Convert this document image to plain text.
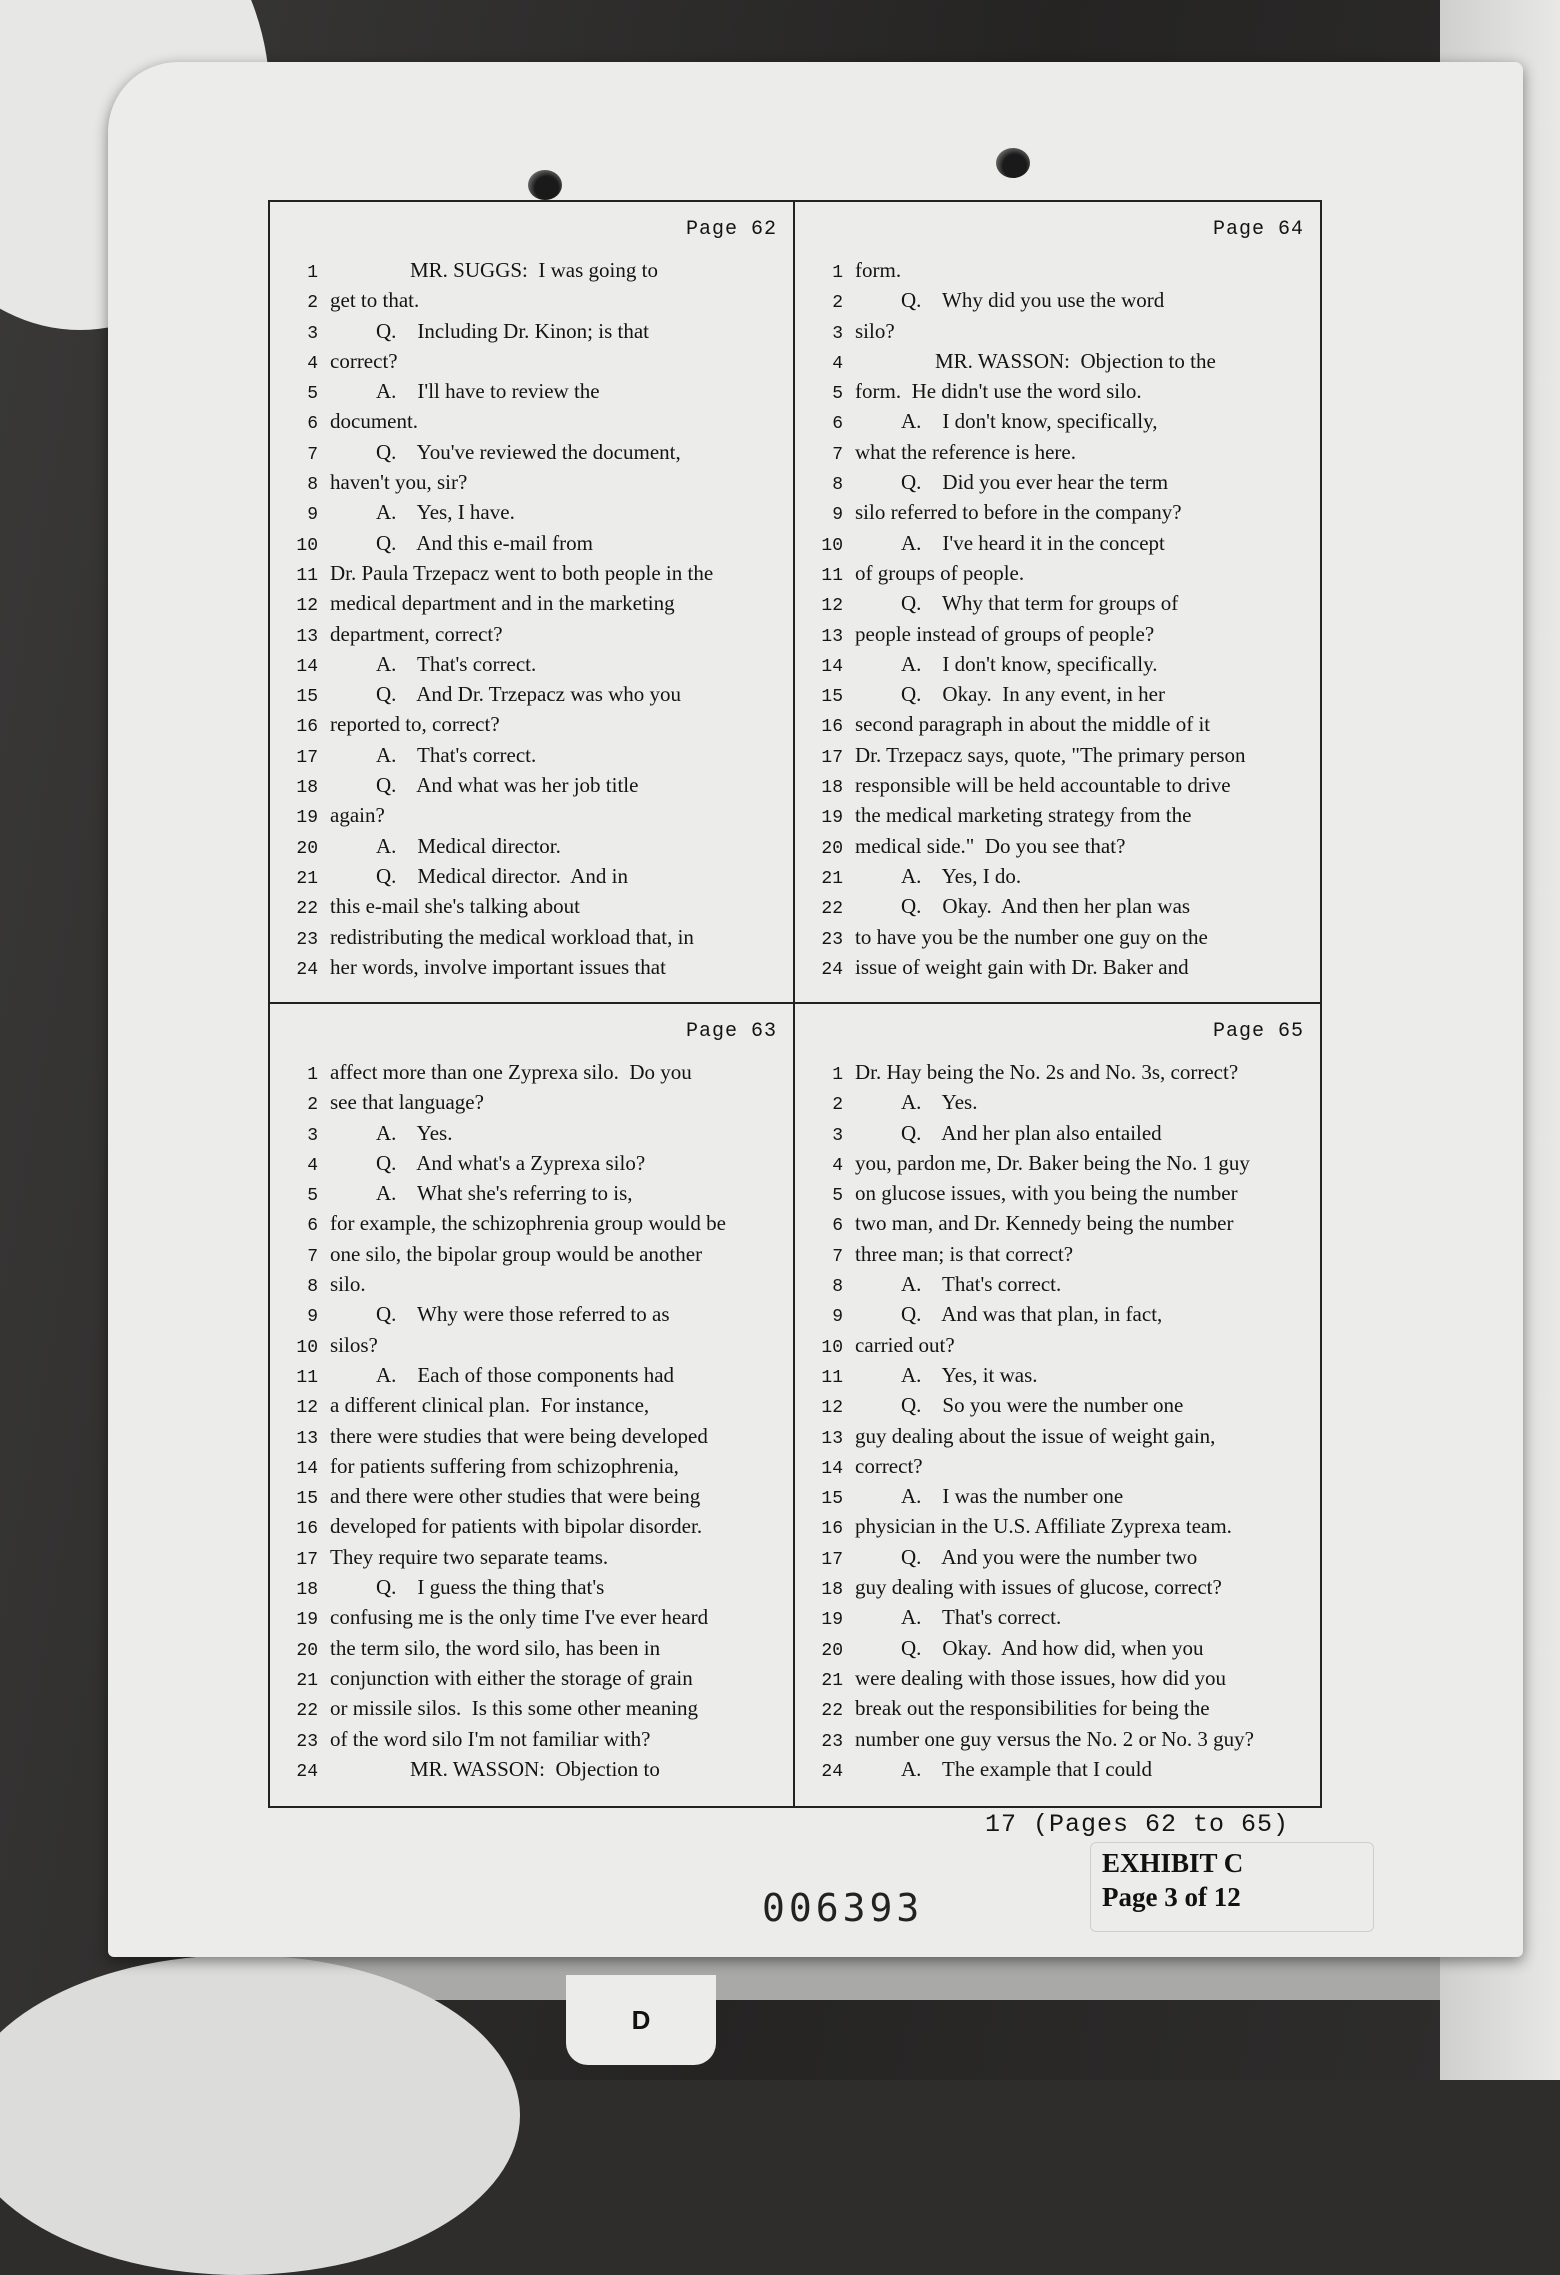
D
Page 62
1	MR. SUGGS:  I was going to
2 get to that.
3	Q.    Including Dr. Kinon; is that
4 correct?
5	A.    I'll have to review the
6 document.
7	Q.    You've reviewed the document,
8 haven't you, sir?
9	A.    Yes, I have.
10	Q.    And this e-mail from
11 Dr. Paula Trzepacz went to both people in the
12 medical department and in the marketing
13 department, correct?
14	A.    That's correct.
15	Q.    And Dr. Trzepacz was who you
16 reported to, correct?
17	A.    That's correct.
18	Q.    And what was her job title
19 again?
20	A.    Medical director.
21	Q.    Medical director.  And in
22 this e-mail she's talking about
23 redistributing the medical workload that, in
24 her words, involve important issues that
Page 64
1 form.
2	Q.    Why did you use the word
3 silo?
4	MR. WASSON:  Objection to the
5 form.  He didn't use the word silo.
6	A.    I don't know, specifically,
7 what the reference is here.
8	Q.    Did you ever hear the term
9 silo referred to before in the company?
10	A.    I've heard it in the concept
11 of groups of people.
12	Q.    Why that term for groups of
13 people instead of groups of people?
14	A.    I don't know, specifically.
15	Q.    Okay.  In any event, in her
16 second paragraph in about the middle of it
17 Dr. Trzepacz says, quote, "The primary person
18 responsible will be held accountable to drive
19 the medical marketing strategy from the
20 medical side."  Do you see that?
21	A.    Yes, I do.
22	Q.    Okay.  And then her plan was
23 to have you be the number one guy on the
24 issue of weight gain with Dr. Baker and
Page 63
1 affect more than one Zyprexa silo.  Do you
2 see that language?
3	A.    Yes.
4	Q.    And what's a Zyprexa silo?
5	A.    What she's referring to is,
6 for example, the schizophrenia group would be
7 one silo, the bipolar group would be another
8 silo.
9	Q.    Why were those referred to as
10 silos?
11	A.    Each of those components had
12 a different clinical plan.  For instance,
13 there were studies that were being developed
14 for patients suffering from schizophrenia,
15 and there were other studies that were being
16 developed for patients with bipolar disorder.
17 They require two separate teams.
18	Q.    I guess the thing that's
19 confusing me is the only time I've ever heard
20 the term silo, the word silo, has been in
21 conjunction with either the storage of grain
22 or missile silos.  Is this some other meaning
23 of the word silo I'm not familiar with?
24	MR. WASSON:  Objection to
Page 65
1 Dr. Hay being the No. 2s and No. 3s, correct?
2	A.    Yes.
3	Q.    And her plan also entailed
4 you, pardon me, Dr. Baker being the No. 1 guy
5 on glucose issues, with you being the number
6 two man, and Dr. Kennedy being the number
7 three man; is that correct?
8	A.    That's correct.
9	Q.    And was that plan, in fact,
10 carried out?
11	A.    Yes, it was.
12	Q.    So you were the number one
13 guy dealing about the issue of weight gain,
14 correct?
15	A.    I was the number one
16 physician in the U.S. Affiliate Zyprexa team.
17	Q.    And you were the number two
18 guy dealing with issues of glucose, correct?
19	A.    That's correct.
20	Q.    Okay.  And how did, when you
21 were dealing with those issues, how did you
22 break out the responsibilities for being the
23 number one guy versus the No. 2 or No. 3 guy?
24	A.    The example that I could
17 (Pages 62 to 65)
EXHIBIT C
Page 3 of 12
006393
